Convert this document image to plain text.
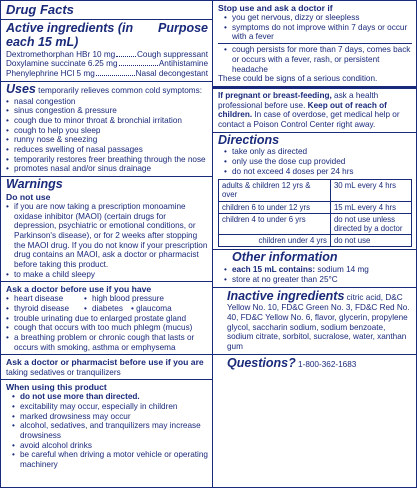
Drug Facts
Active ingredients (in each 15 mL)
Purpose
Dextromethorphan HBr 10 mg	Cough suppressant
Doxylamine succinate 6.25 mg	Antihistamine
Phenylephrine HCl 5 mg	Nasal decongestant
Uses temporarily relieves common cold symptoms:
• nasal congestion
• sinus congestion & pressure
• cough due to minor throat & bronchial irritation
• cough to help you sleep
• runny nose & sneezing
• reduces swelling of nasal passages
• temporarily restores freer breathing through the nose
• promotes nasal and/or sinus drainage
Warnings
Do not use
• if you are now taking a prescription monoamine oxidase inhibitor (MAOI) (certain drugs for depression, psychiatric or emotional conditions, or Parkinson's disease), or for 2 weeks after stopping the MAOI drug. If you do not know if your prescription drug contains an MAOI, ask a doctor or pharmacist before taking this product.
• to make a child sleepy
Ask a doctor before use if you have
• heart disease
• thyroid disease
• high blood pressure
• diabetes • glaucoma
• trouble urinating due to enlarged prostate gland
• cough that occurs with too much phlegm (mucus)
• a breathing problem or chronic cough that lasts or occurs with smoking, asthma or emphysema
Ask a doctor or pharmacist before use if you are
taking sedatives or tranquilizers
When using this product
• do not use more than directed.
• excitability may occur, especially in children
• marked drowsiness may occur
• alcohol, sedatives, and tranquilizers may increase drowsiness
• avoid alcohol drinks
• be careful when driving a motor vehicle or operating machinery
Stop use and ask a doctor if
• you get nervous, dizzy or sleepless
• symptoms do not improve within 7 days or occur with a fever
• cough persists for more than 7 days, comes back or occurs with a fever, rash, or persistent headache
These could be signs of a serious condition.
If pregnant or breast-feeding, ask a health professional before use. Keep out of reach of children. In case of overdose, get medical help or contact a Poison Control Center right away.
Directions
• take only as directed
• only use the dose cup provided
• do not exceed 4 doses per 24 hrs
adults & children 12 yrs & over	30 mL every 4 hrs
children 6 to under 12 yrs	15 mL every 4 hrs
children 4 to under 6 yrs	do not use unless directed by a doctor
children under 4 yrs	do not use
Other information
• each 15 mL contains: sodium 14 mg
• store at no greater than 25°C
Inactive ingredients citric acid, D&C Yellow No. 10, FD&C Green No. 3, FD&C Red No. 40, FD&C Yellow No. 6, flavor, glycerin, propylene glycol, saccharin sodium, sodium benzoate, sodium citrate, sorbitol, sucralose, water, xanthan gum
Questions? 1-800-362-1683
